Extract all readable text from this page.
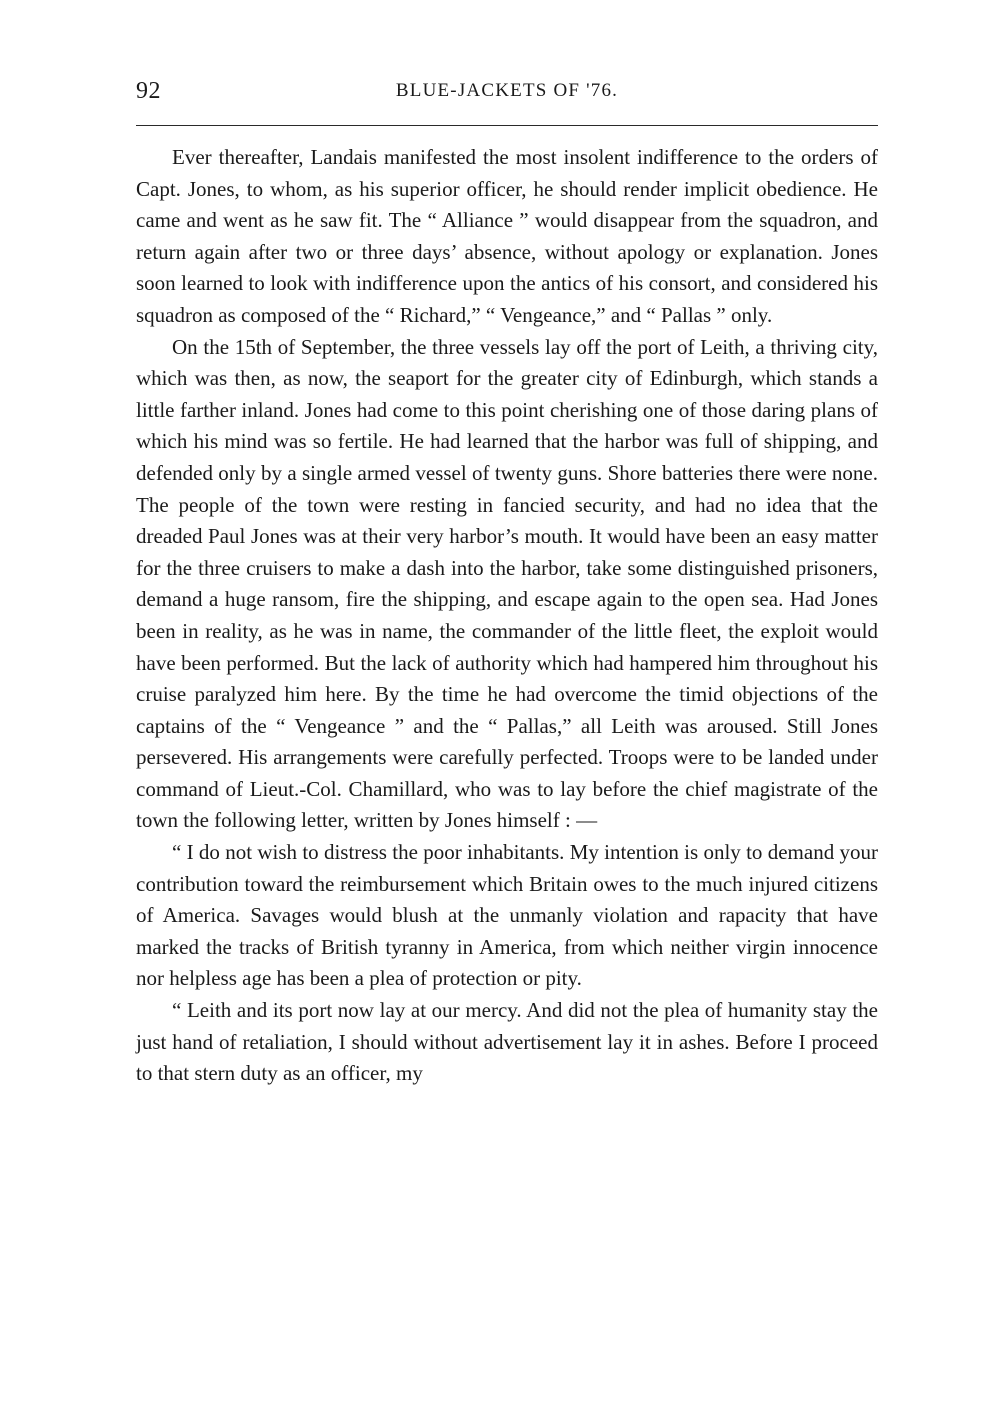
92	BLUE-JACKETS OF '76.

Ever thereafter, Landais manifested the most insolent indifference to the orders of Capt. Jones, to whom, as his superior officer, he should render implicit obedience. He came and went as he saw fit. The “ Alliance ” would disappear from the squadron, and return again after two or three days’ absence, without apology or explanation. Jones soon learned to look with indifference upon the antics of his consort, and considered his squadron as composed of the “ Richard,” “ Vengeance,” and “ Pallas ” only.

On the 15th of September, the three vessels lay off the port of Leith, a thriving city, which was then, as now, the seaport for the greater city of Edinburgh, which stands a little farther inland. Jones had come to this point cherishing one of those daring plans of which his mind was so fertile. He had learned that the harbor was full of shipping, and defended only by a single armed vessel of twenty guns. Shore batteries there were none. The people of the town were resting in fancied security, and had no idea that the dreaded Paul Jones was at their very harbor’s mouth. It would have been an easy matter for the three cruisers to make a dash into the harbor, take some distinguished prisoners, demand a huge ransom, fire the shipping, and escape again to the open sea. Had Jones been in reality, as he was in name, the commander of the little fleet, the exploit would have been performed. But the lack of authority which had hampered him throughout his cruise paralyzed him here. By the time he had overcome the timid objections of the captains of the “ Vengeance ” and the “ Pallas,” all Leith was aroused. Still Jones persevered. His arrangements were carefully perfected. Troops were to be landed under command of Lieut.-Col. Chamillard, who was to lay before the chief magistrate of the town the following letter, written by Jones himself : —

“ I do not wish to distress the poor inhabitants. My intention is only to demand your contribution toward the reimbursement which Britain owes to the much injured citizens of America. Savages would blush at the unmanly violation and rapacity that have marked the tracks of British tyranny in America, from which neither virgin innocence nor helpless age has been a plea of protection or pity.

“ Leith and its port now lay at our mercy. And did not the plea of humanity stay the just hand of retaliation, I should without advertisement lay it in ashes. Before I proceed to that stern duty as an officer, my
